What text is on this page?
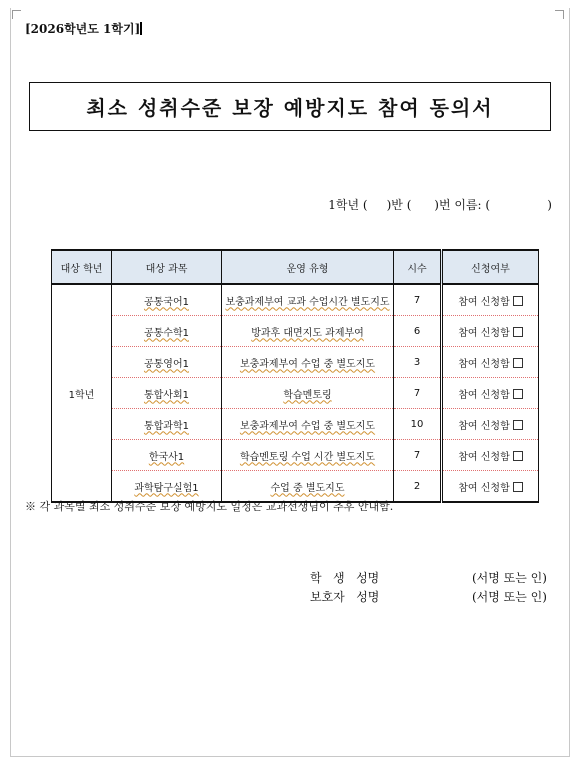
[2026학년도 1학기]
최소 성취수준 보장 예방지도 참여 동의서
1학년 (     )반 (      )번 이름: (               )
대상 학년	대상 과목	운영 유형	시수	신청여부
1학년	공통국어1	보충과제부여 교과 수업시간 별도지도	7	참여 신청함
	공통수학1	방과후 대면지도 과제부여	6	참여 신청함
	공통영어1	보충과제부여 수업 중 별도지도	3	참여 신청함
	통합사회1	학습멘토링	7	참여 신청함
	통합과학1	보충과제부여 수업 중 별도지도	10	참여 신청함
	한국사1	학습멘토링 수업 시간 별도지도	7	참여 신청함
	과학탐구실험1	수업 중 별도지도	2	참여 신청함
※ 각 과목별 최소 성취수준 보장 예방지도 일정은 교과선생님이 추후 안내함.
학   생   성명	(서명 또는 인)
보호자   성명	(서명 또는 인)
